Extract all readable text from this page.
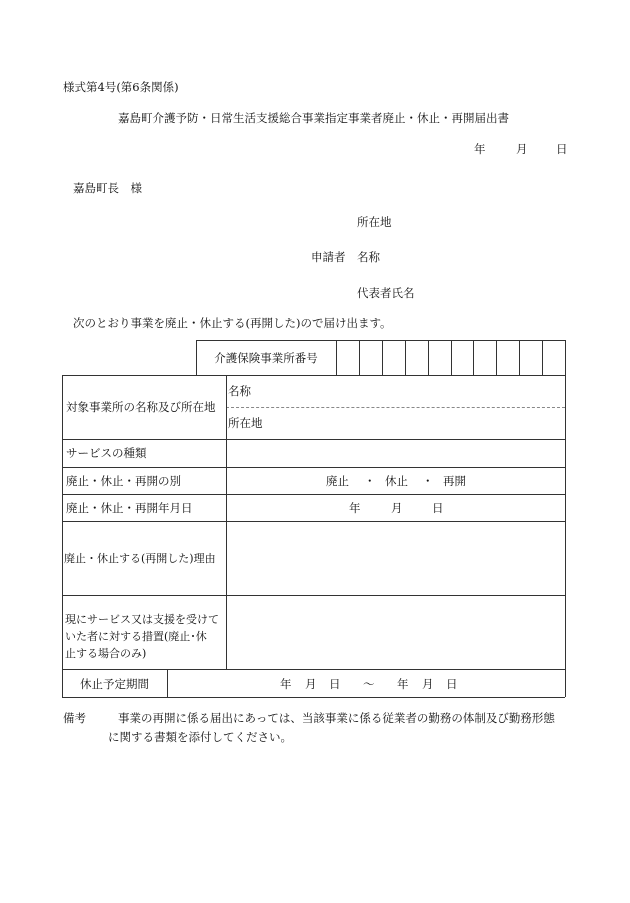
様式第4号(第6条関係)
嘉島町介護予防・日常生活支援総合事業指定事業者廃止・休止・再開届出書
年	月 日
嘉島町長　様
所在地
申請者 名称
代表者氏名
次のとおり事業を廃止・休止する(再開した)ので届け出ます。
介護保険事業所番号
対象事業所の名称及び所在地
名称
所在地
サービスの種類
廃止・休止・再開の別	廃止 ・ 休止 ・ 再開
廃止・休止・再開年月日	年	月	日
廃止・休止する(再開した)理由
現にサービス又は支援を受けて
いた者に対する措置(廃止･休
止する場合のみ)
休止予定期間	年 月 日 ～ 年 月 日
備考	事業の再開に係る届出にあっては、当該事業に係る従業者の勤務の体制及び勤務形態
に関する書類を添付してください。
